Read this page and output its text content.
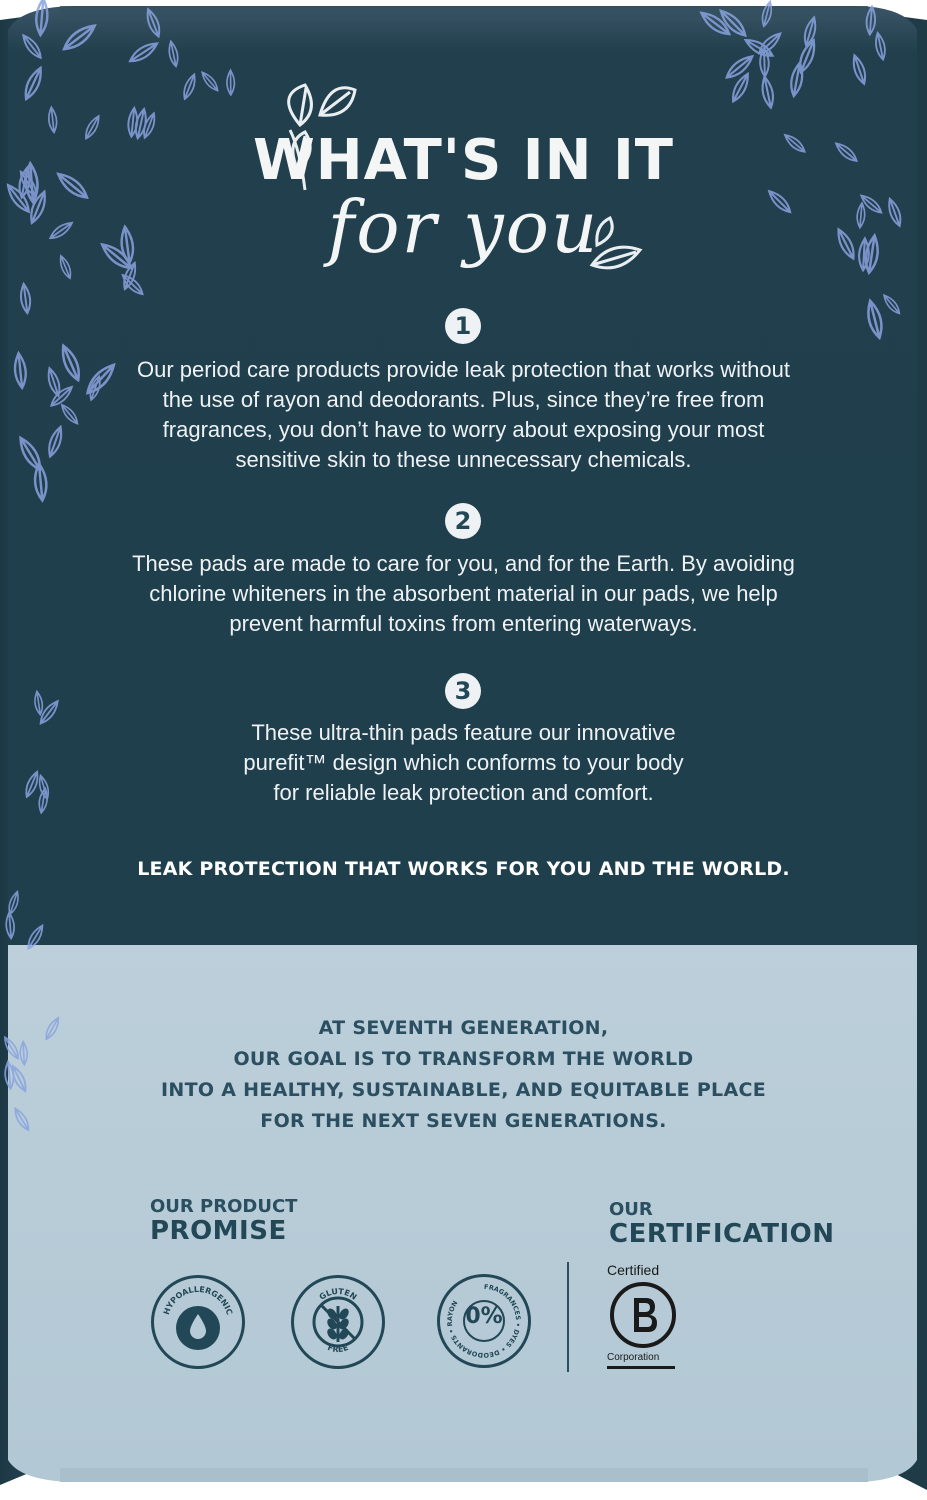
WHAT'S IN IT
for you
1
Our period care products provide leak protection that works without
the use of rayon and deodorants. Plus, since they’re free from
fragrances, you don’t have to worry about exposing your most
sensitive skin to these unnecessary chemicals.
2
These pads are made to care for you, and for the Earth. By avoiding
chlorine whiteners in the absorbent material in our pads, we help
prevent harmful toxins from entering waterways.
3
These ultra-thin pads feature our innovative
purefit™ design which conforms to your body
for reliable leak protection and comfort.
LEAK PROTECTION THAT WORKS FOR YOU AND THE WORLD.
AT SEVENTH GENERATION,
OUR GOAL IS TO TRANSFORM THE WORLD
INTO A HEALTHY, SUSTAINABLE, AND EQUITABLE PLACE
FOR THE NEXT SEVEN GENERATIONS.
OUR PRODUCT
PROMISE
HYPOALLERGENIC
GLUTEN
FREE
FRAGRANCES • DYES • DEODORANTS • RAYON
0%
OUR
CERTIFICATION
Certified
Corporation
